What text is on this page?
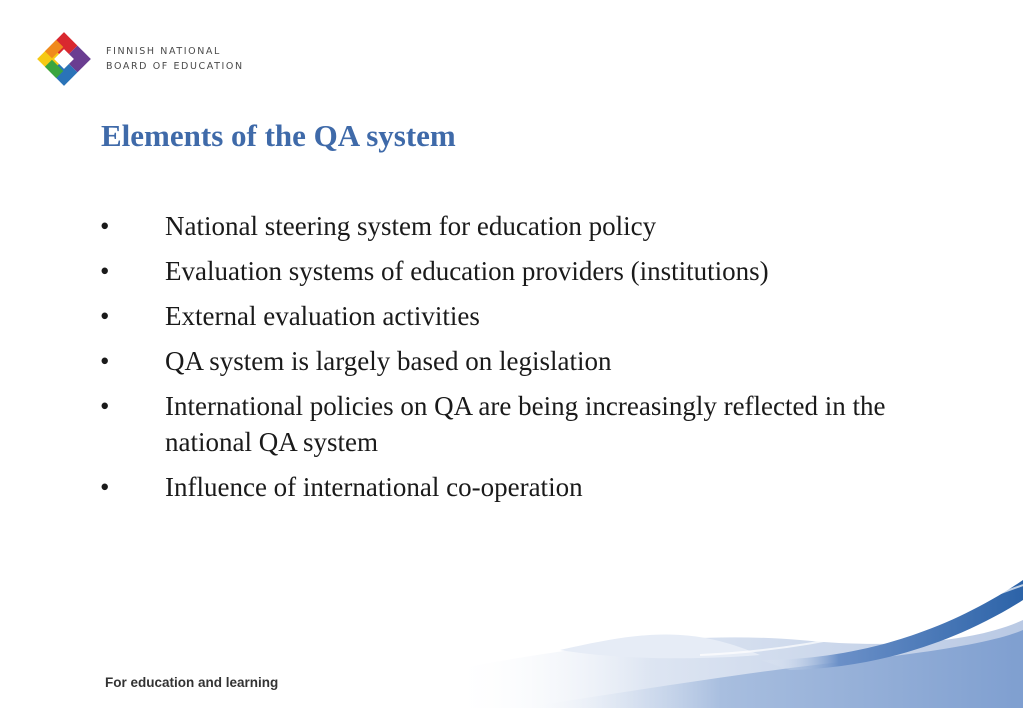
FINNISH NATIONAL
BOARD OF EDUCATION
Elements of the QA system
• National steering system for education policy
• Evaluation systems of education providers (institutions)
• External evaluation activities
• QA system is largely based on legislation
• International policies on QA are being increasingly reflected in the national QA system
• Influence of international co-operation
For education and learning
